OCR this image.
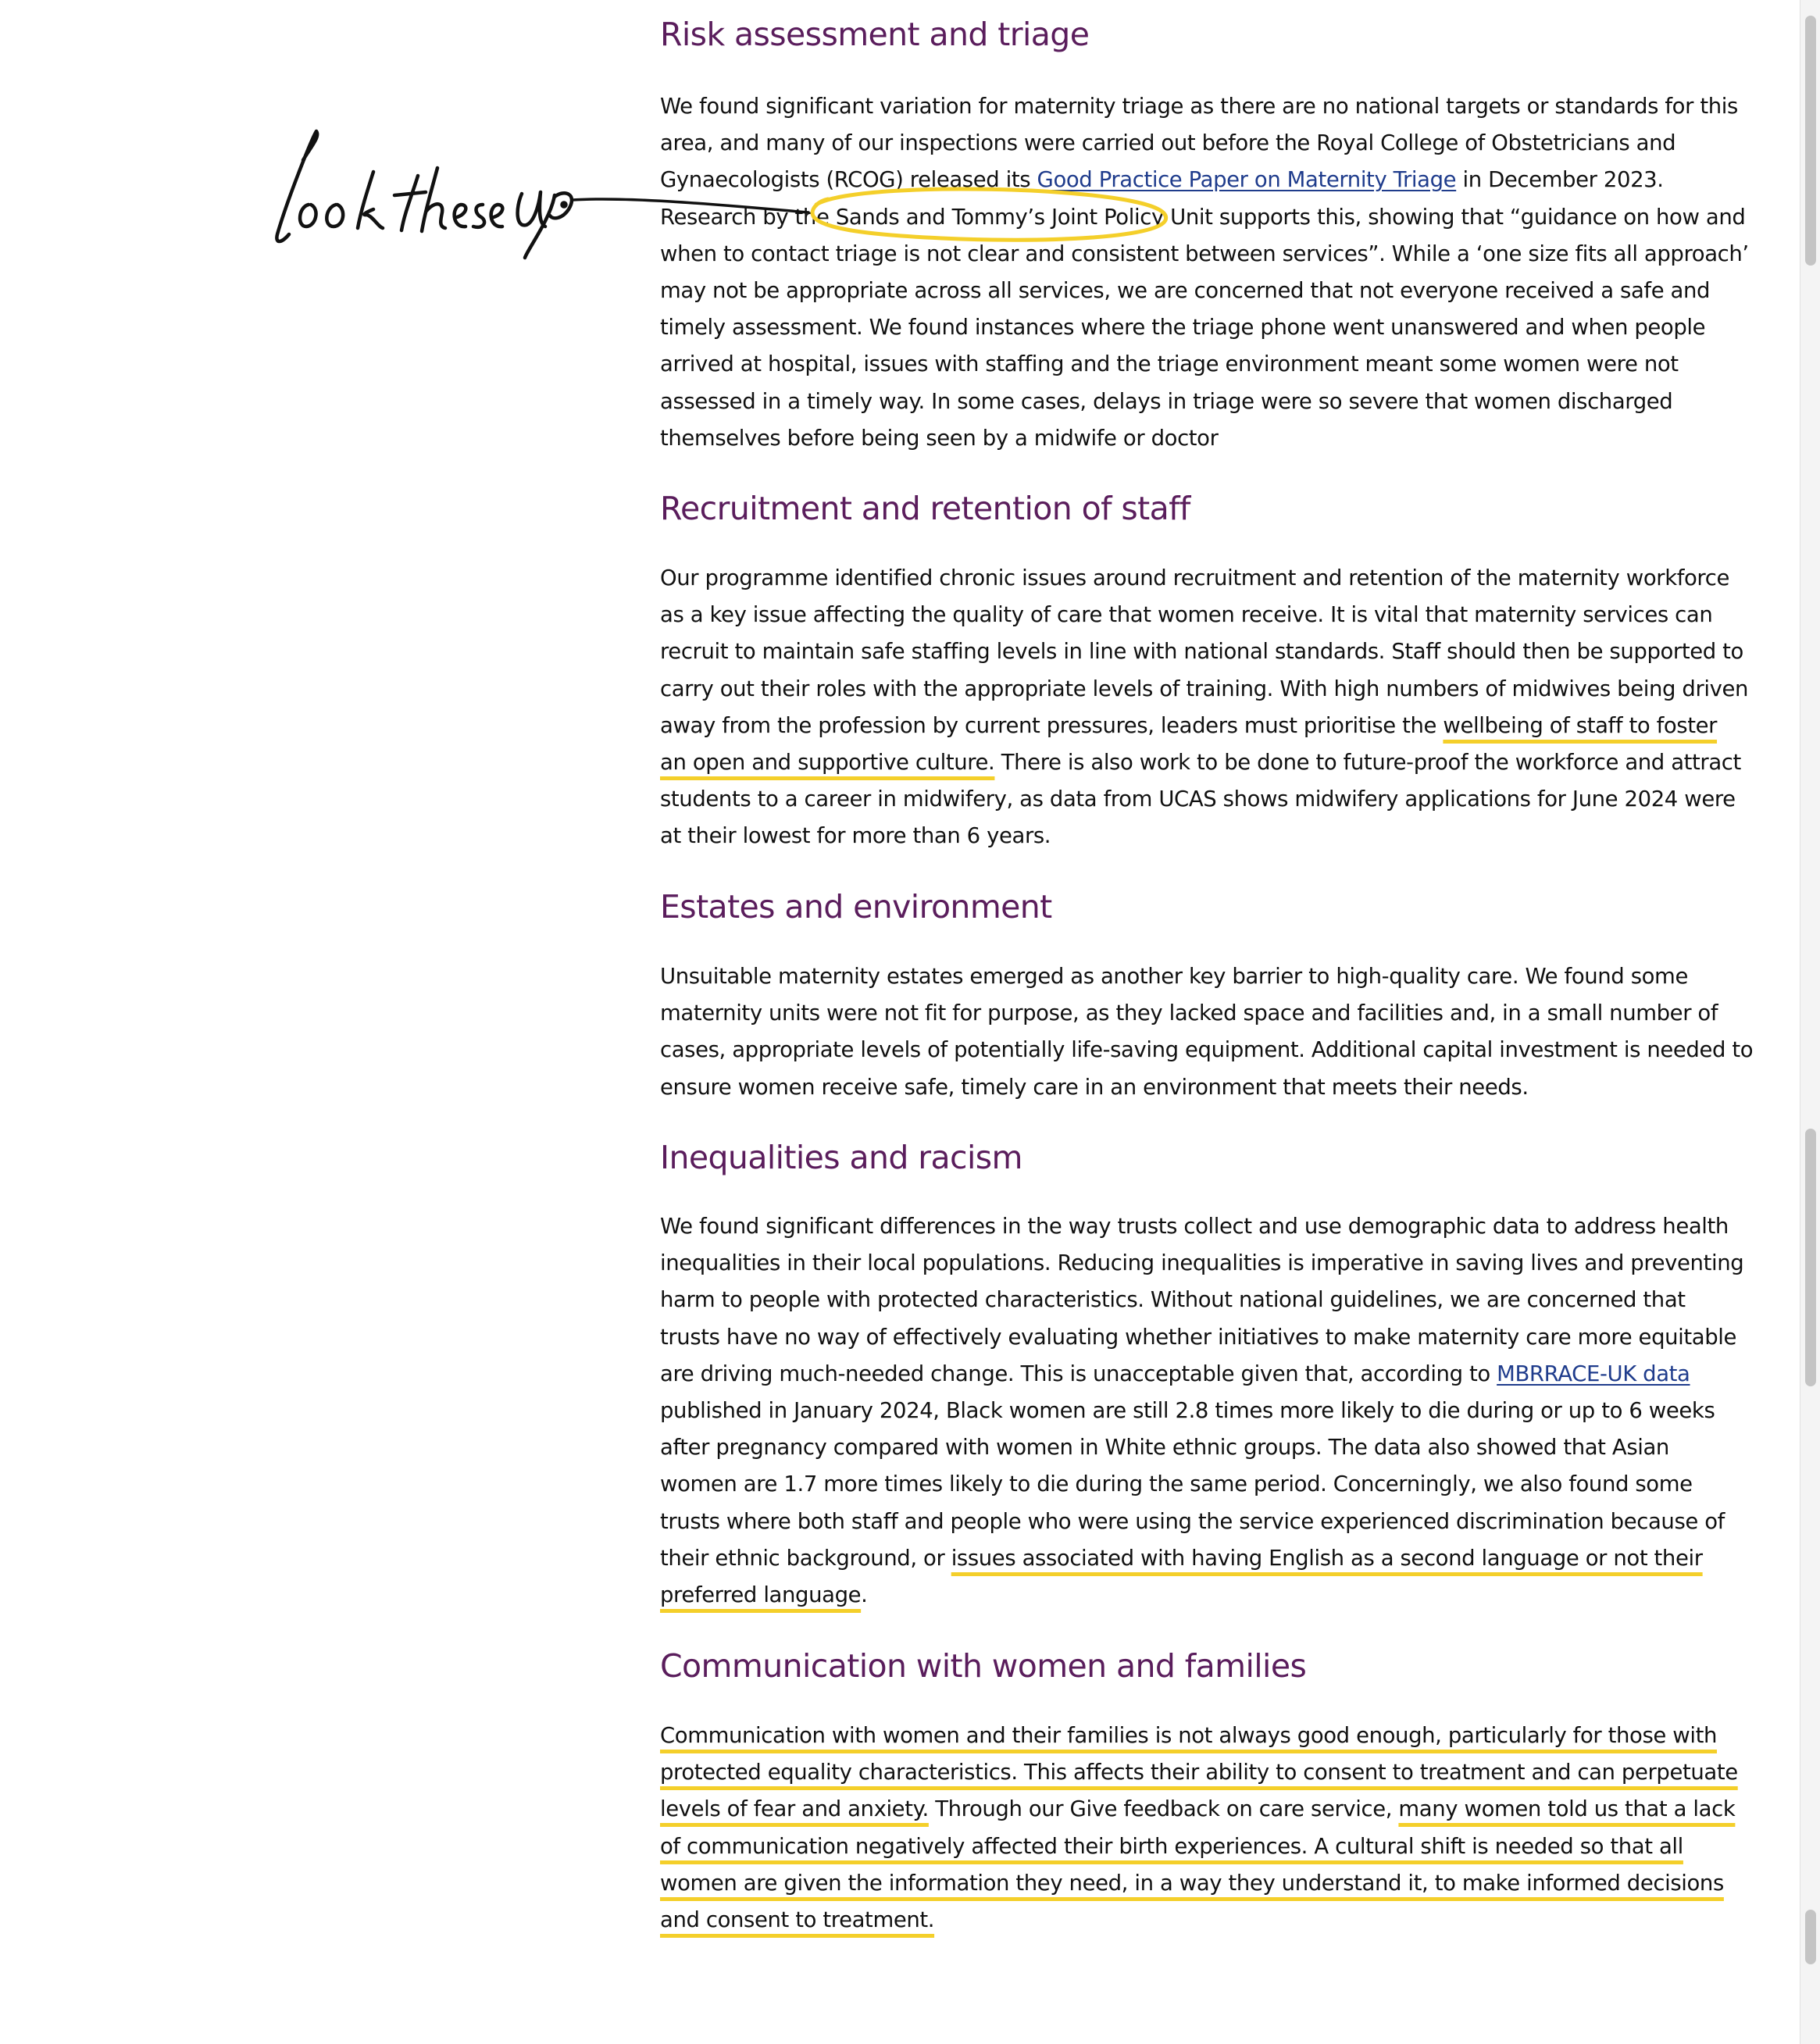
Risk assessment and triage
We found significant variation for maternity triage as there are no national targets or standards for this
area, and many of our inspections were carried out before the Royal College of Obstetricians and
Gynaecologists (RCOG) released its Good Practice Paper on Maternity Triage in December 2023.
Research by the Sands and Tommy’s Joint Policy Unit supports this, showing that “guidance on how and
when to contact triage is not clear and consistent between services”. While a ‘one size fits all approach’
may not be appropriate across all services, we are concerned that not everyone received a safe and
timely assessment. We found instances where the triage phone went unanswered and when people
arrived at hospital, issues with staffing and the triage environment meant some women were not
assessed in a timely way. In some cases, delays in triage were so severe that women discharged
themselves before being seen by a midwife or doctor
Recruitment and retention of staff
Our programme identified chronic issues around recruitment and retention of the maternity workforce
as a key issue affecting the quality of care that women receive. It is vital that maternity services can
recruit to maintain safe staffing levels in line with national standards. Staff should then be supported to
carry out their roles with the appropriate levels of training. With high numbers of midwives being driven
away from the profession by current pressures, leaders must prioritise the wellbeing of staff to foster
an open and supportive culture. There is also work to be done to future-proof the workforce and attract
students to a career in midwifery, as data from UCAS shows midwifery applications for June 2024 were
at their lowest for more than 6 years.
Estates and environment
Unsuitable maternity estates emerged as another key barrier to high-quality care. We found some
maternity units were not fit for purpose, as they lacked space and facilities and, in a small number of
cases, appropriate levels of potentially life-saving equipment. Additional capital investment is needed to
ensure women receive safe, timely care in an environment that meets their needs.
Inequalities and racism
We found significant differences in the way trusts collect and use demographic data to address health
inequalities in their local populations. Reducing inequalities is imperative in saving lives and preventing
harm to people with protected characteristics. Without national guidelines, we are concerned that
trusts have no way of effectively evaluating whether initiatives to make maternity care more equitable
are driving much-needed change. This is unacceptable given that, according to MBRRACE-UK data
published in January 2024, Black women are still 2.8 times more likely to die during or up to 6 weeks
after pregnancy compared with women in White ethnic groups. The data also showed that Asian
women are 1.7 more times likely to die during the same period. Concerningly, we also found some
trusts where both staff and people who were using the service experienced discrimination because of
their ethnic background, or issues associated with having English as a second language or not their
preferred language.
Communication with women and families
Communication with women and their families is not always good enough, particularly for those with
protected equality characteristics. This affects their ability to consent to treatment and can perpetuate
levels of fear and anxiety. Through our Give feedback on care service, many women told us that a lack
of communication negatively affected their birth experiences. A cultural shift is needed so that all
women are given the information they need, in a way they understand it, to make informed decisions
and consent to treatment.
